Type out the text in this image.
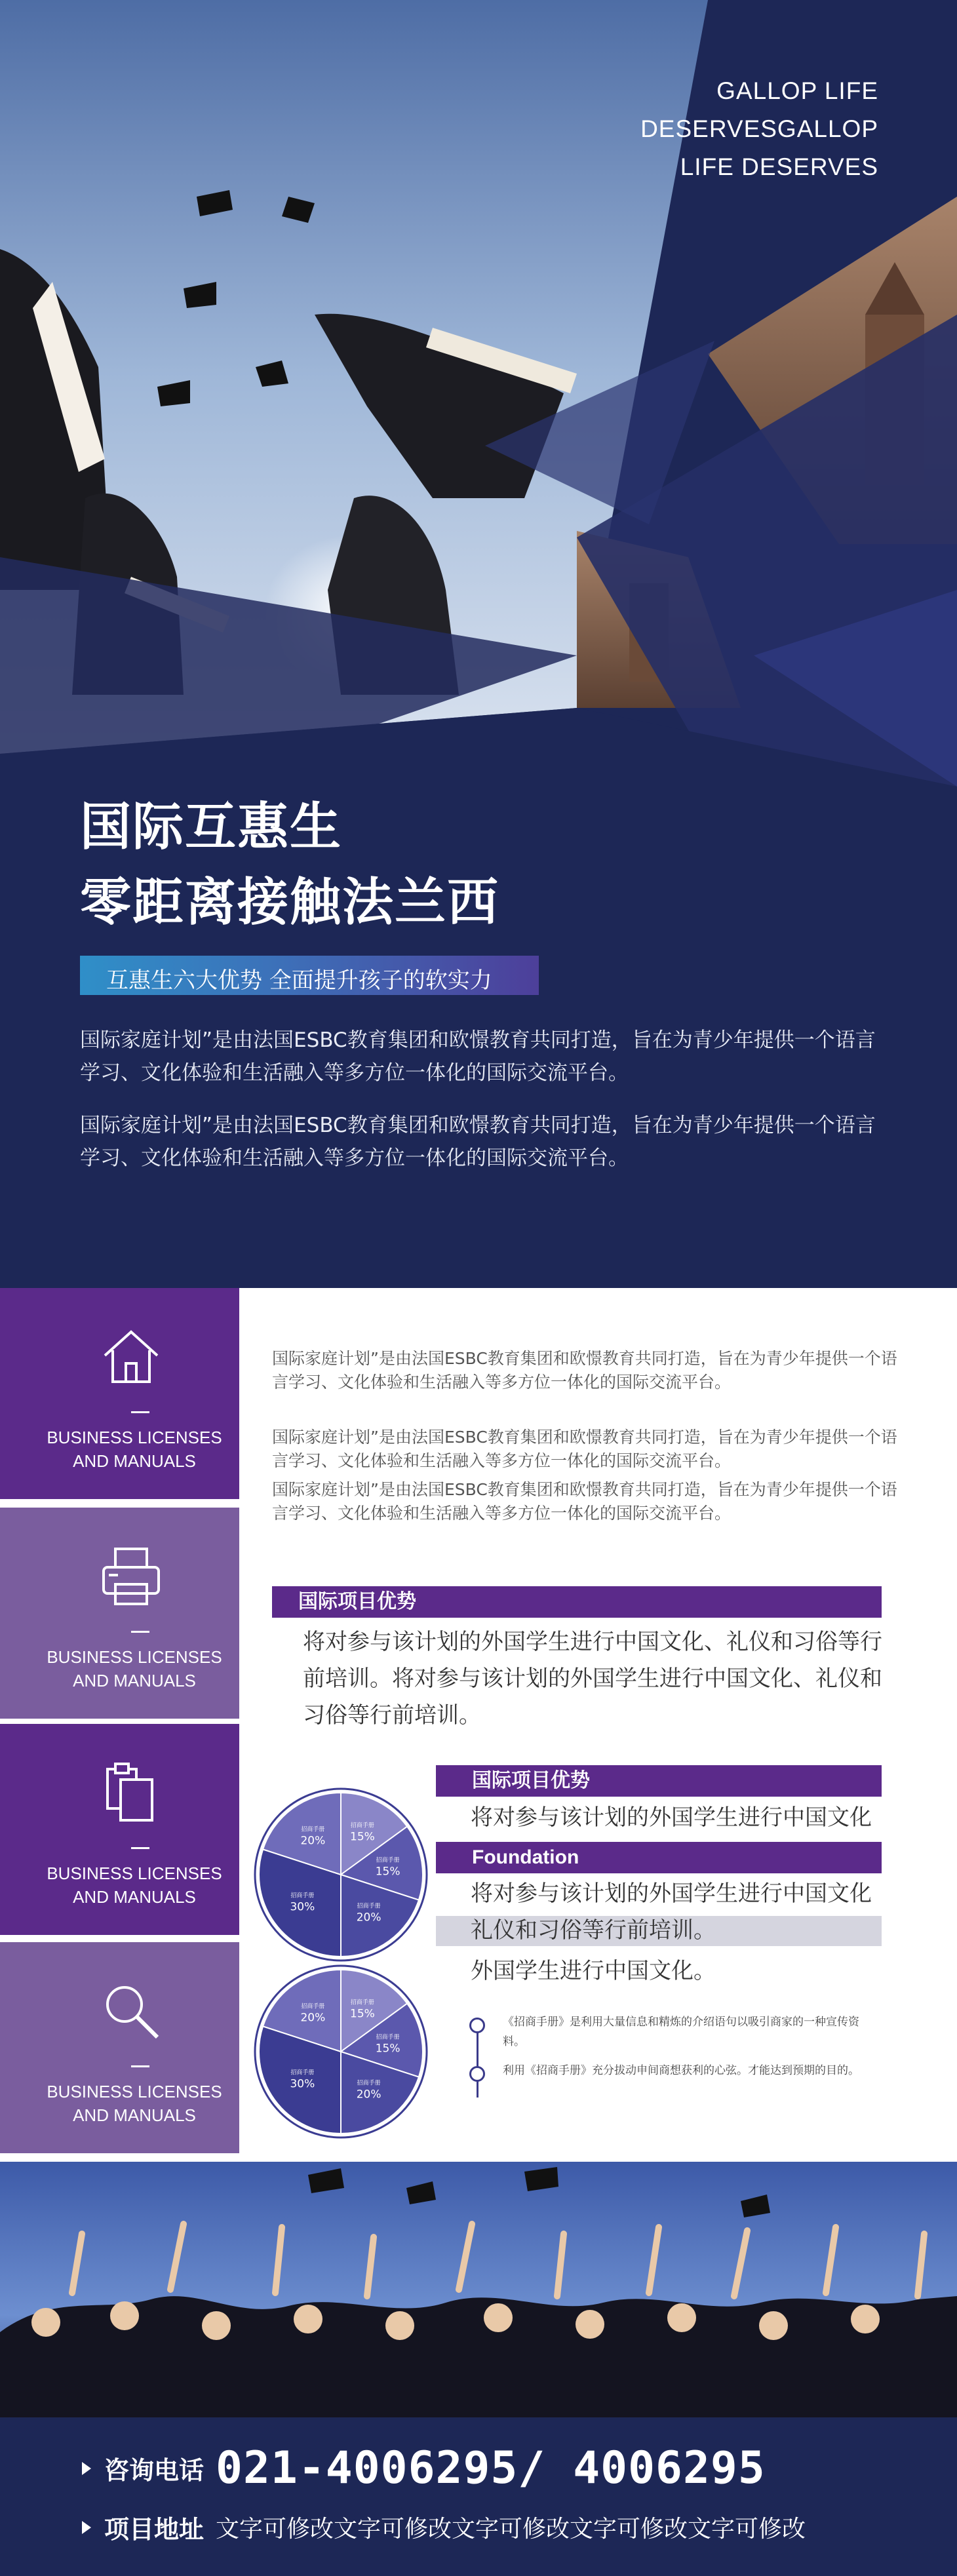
GALLOP LIFE
DESERVESGALLOP
LIFE DESERVES
国际互惠生
零距离接触法兰西
互惠生六大优势 全面提升孩子的软实力

国际家庭计划”是由法国ESBC教育集团和欧憬教育共同打造，旨在为青少年提供一个语言学习、文化体验和生活融入等多方位一体化的国际交流平台。

国际家庭计划”是由法国ESBC教育集团和欧憬教育共同打造，旨在为青少年提供一个语言学习、文化体验和生活融入等多方位一体化的国际交流平台。

BUSINESS LICENSES
AND MANUALS
BUSINESS LICENSES
AND MANUALS
BUSINESS LICENSES
AND MANUALS
BUSINESS LICENSES
AND MANUALS

国际家庭计划”是由法国ESBC教育集团和欧憬教育共同打造，旨在为青少年提供一个语言学习、文化体验和生活融入等多方位一体化的国际交流平台。

国际家庭计划”是由法国ESBC教育集团和欧憬教育共同打造，旨在为青少年提供一个语言学习、文化体验和生活融入等多方位一体化的国际交流平台。

国际家庭计划”是由法国ESBC教育集团和欧憬教育共同打造，旨在为青少年提供一个语言学习、文化体验和生活融入等多方位一体化的国际交流平台。

国际项目优势

将对参与该计划的外国学生进行中国文化、礼仪和习俗等行前培训。将对参与该计划的外国学生进行中国文化、礼仪和习俗等行前培训。

招商手册
15%
招商手册
15%
招商手册
20%
招商手册
30%
招商手册
20%
招商手册
15%
招商手册
15%
招商手册
20%
招商手册
30%
招商手册
20%
国际项目优势

将对参与该计划的外国学生进行中国文化

Foundation

将对参与该计划的外国学生进行中国文化

礼仪和习俗等行前培训。

外国学生进行中国文化。

《招商手册》是利用大量信息和精炼的介绍语句以吸引商家的一种宣传资料。

利用《招商手册》充分拔动申间商想获利的心弦。才能达到预期的目的。

咨询电话 021-4006295/ 4006295
项目地址 文字可修改文字可修改文字可修改文字可修改文字可修改
